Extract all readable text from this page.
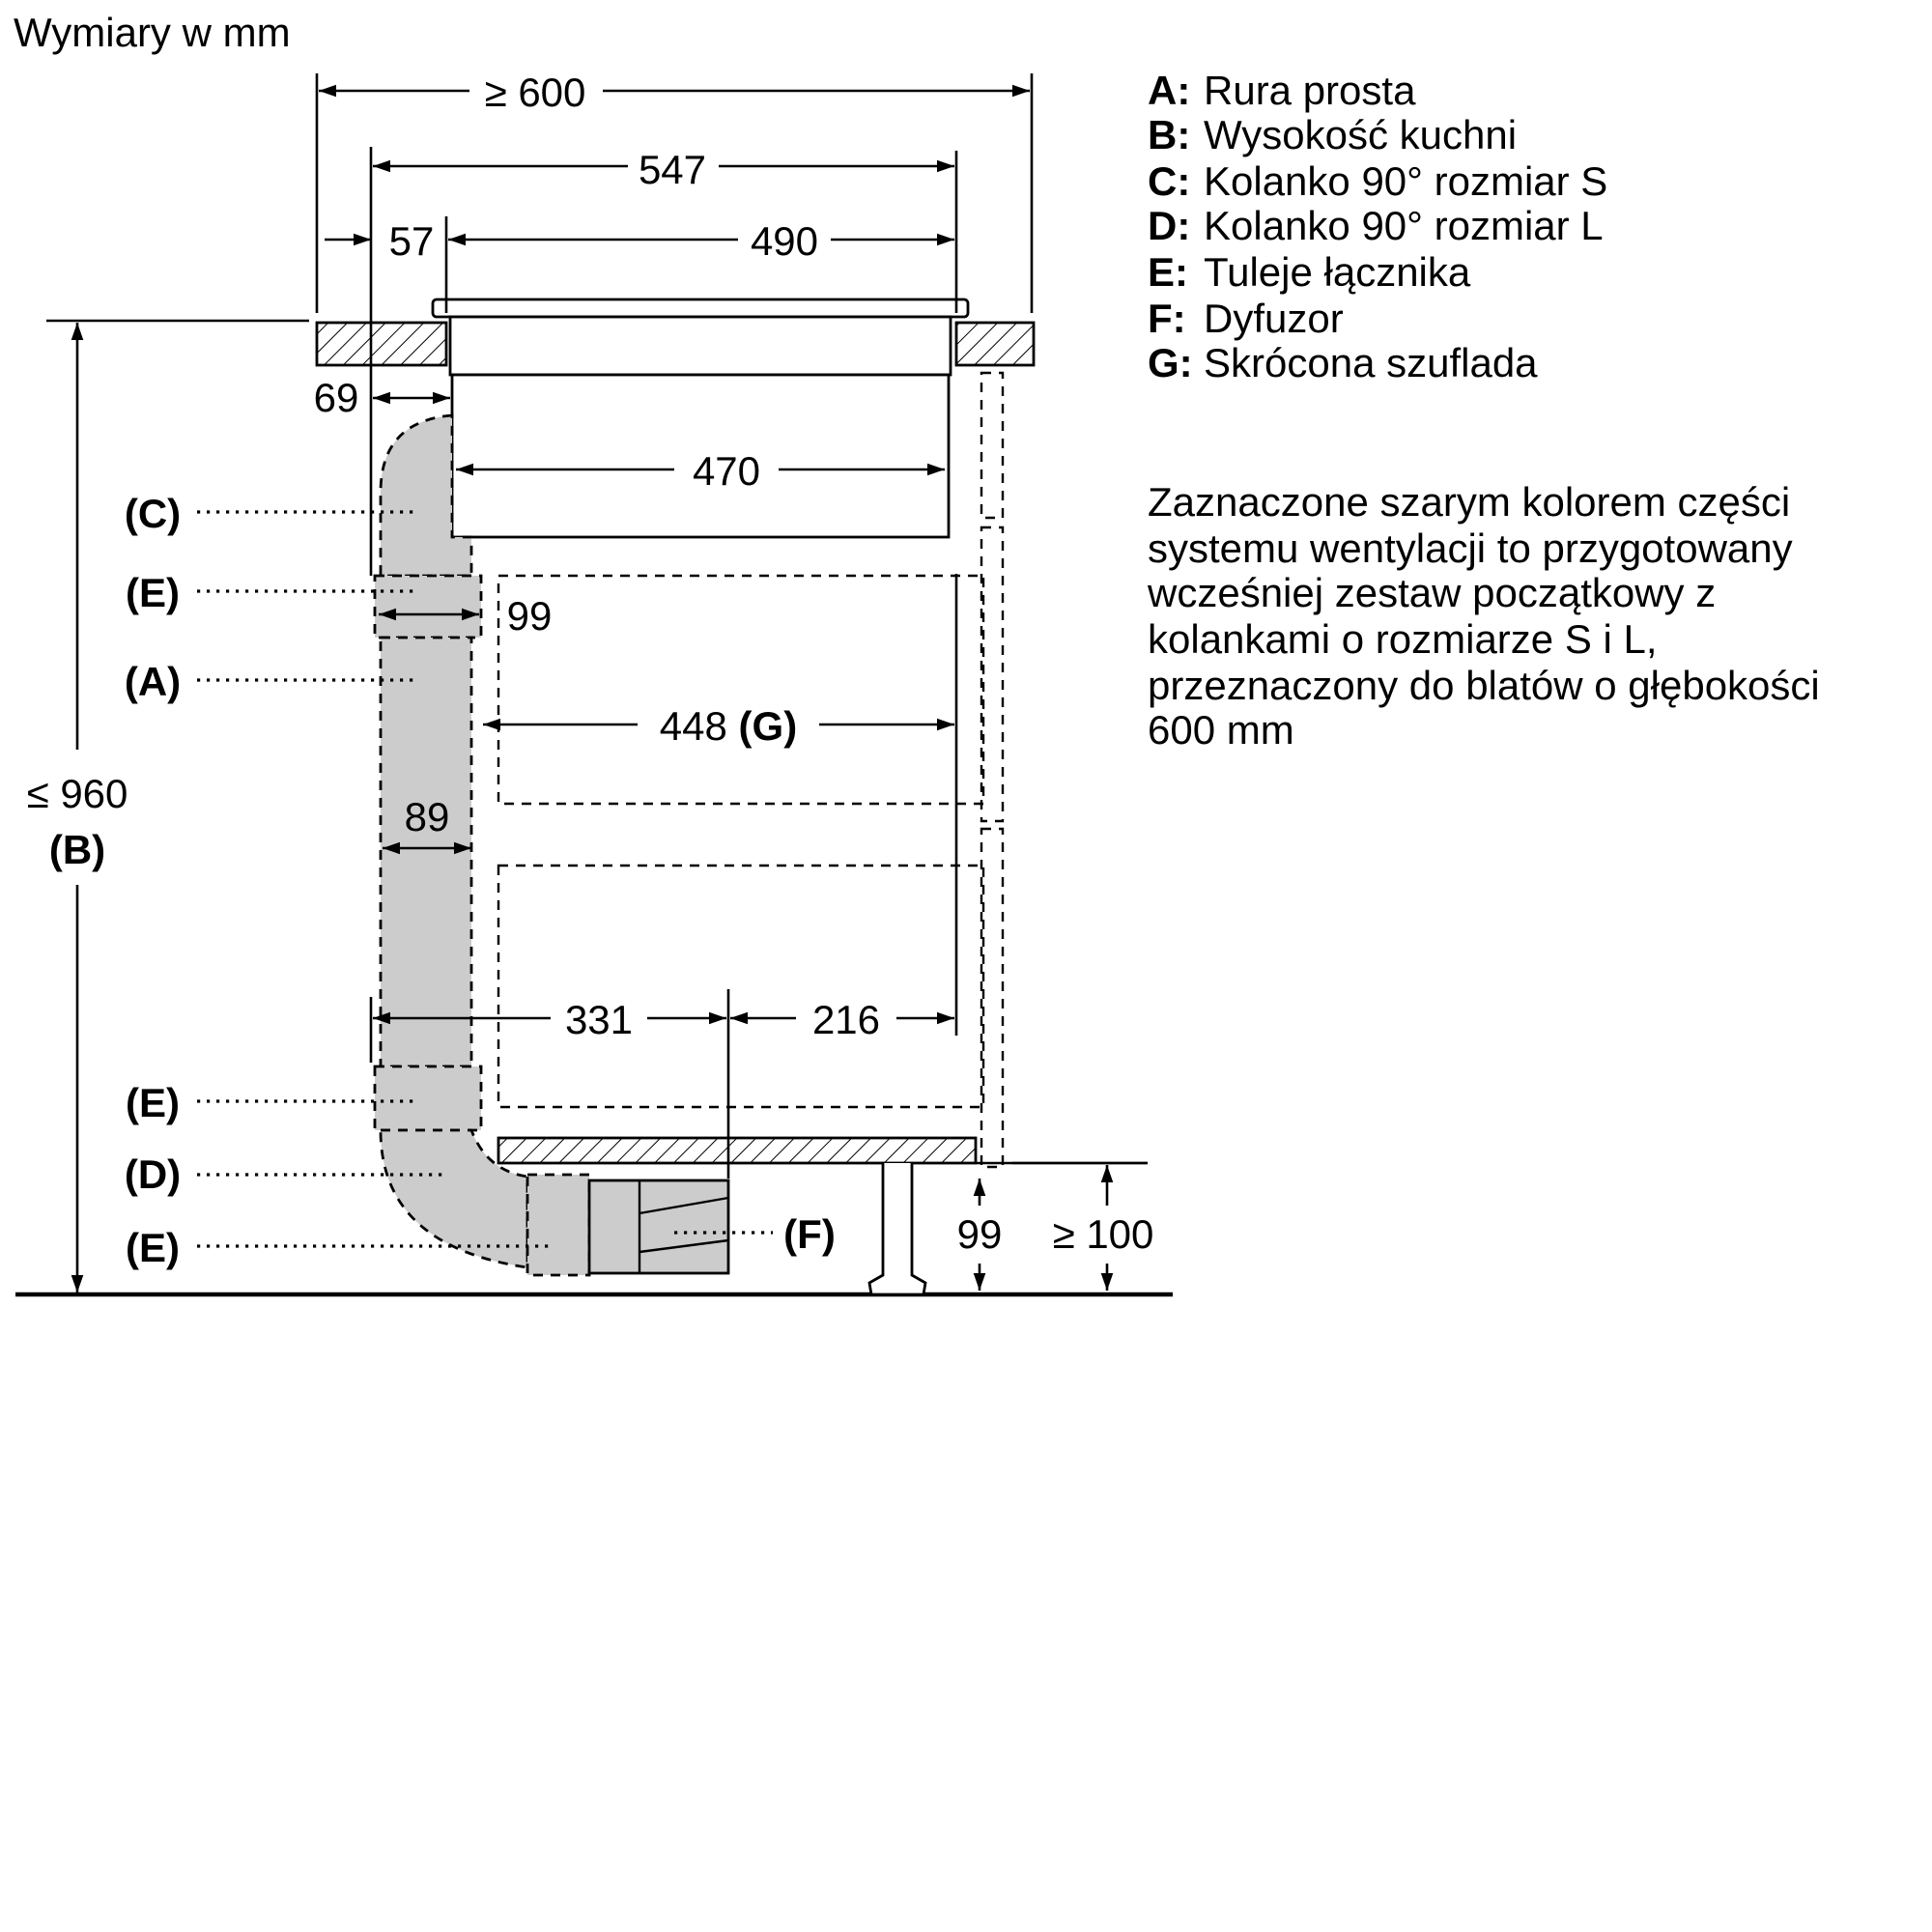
Wymiary w mm
A: Rura prosta
B: Wysokość kuchni
C: Kolanko 90° rozmiar S
D: Kolanko 90° rozmiar L
E: Tuleje łącznika
F: Dyfuzor
G: Skrócona szuflada
Zaznaczone szarym kolorem części
systemu wentylacji to przygotowany
wcześniej zestaw początkowy z
kolankami o rozmiarze S i L,
przeznaczony do blatów o głębokości
600 mm
≥ 600
547
57	490
69
470
99
448 (G)
89
331	216
≤ 960
(B)
99 ≥ 100
(C)
(E)
(A)
(E)
(D)
(E)	(F)
